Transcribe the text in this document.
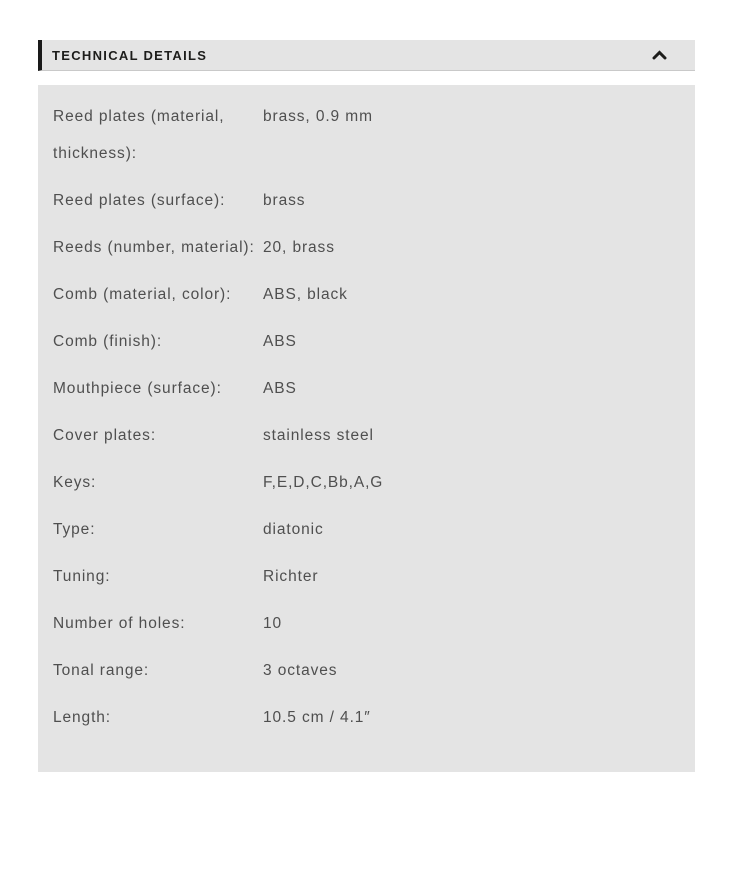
TECHNICAL DETAILS
Reed plates (material, thickness):
brass, 0.9 mm
Reed plates (surface):	brass
Reeds (number, material): 20, brass
Comb (material, color):	ABS, black
Comb (finish):	ABS
Mouthpiece (surface):	ABS
Cover plates:	stainless steel
Keys:	F,E,D,C,Bb,A,G
Type:	diatonic
Tuning:	Richter
Number of holes:	10
Tonal range:	3 octaves
Length:	10.5 cm / 4.1″
